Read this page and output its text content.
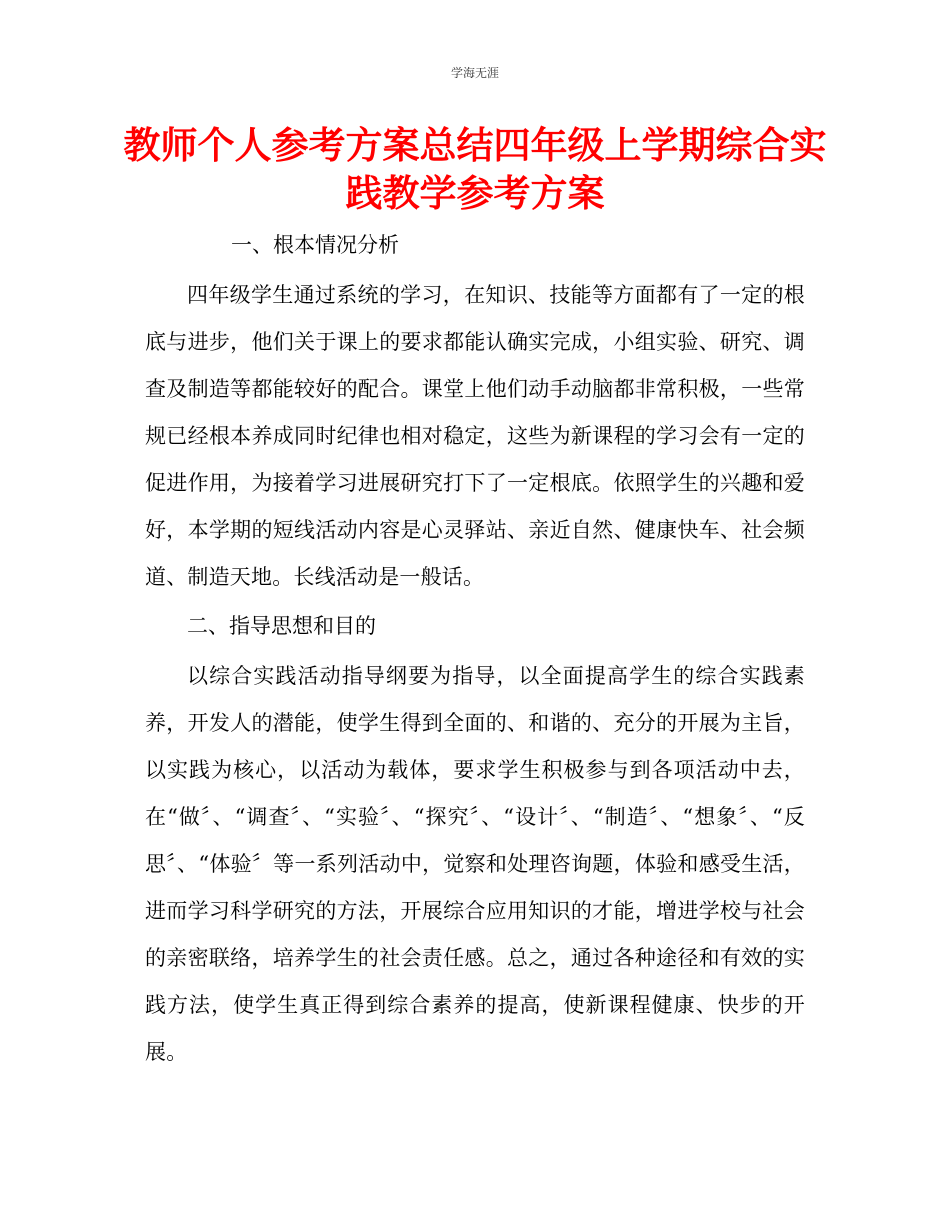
学海无涯
教师个人参考方案总结四年级上学期综合实践教学参考方案

一、根本情况分析

四年级学生通过系统的学习，在知识、技能等方面都有了一定的根底与进步，他们关于课上的要求都能认确实完成，小组实验、研究、调查及制造等都能较好的配合。课堂上他们动手动脑都非常积极，一些常规已经根本养成同时纪律也相对稳定，这些为新课程的学习会有一定的促进作用，为接着学习进展研究打下了一定根底。依照学生的兴趣和爱好，本学期的短线活动内容是心灵驿站、亲近自然、健康快车、社会频道、制造天地。长线活动是一般话。

二、指导思想和目的

以综合实践活动指导纲要为指导，以全面提高学生的综合实践素养，开发人的潜能，使学生得到全面的、和谐的、充分的开展为主旨，以实践为核心，以活动为载体，要求学生积极参与到各项活动中去，在“做〞、“调查〞、“实验〞、“探究〞、“设计〞、“制造〞、“想象〞、“反思〞、“体验〞等一系列活动中，觉察和处理咨询题，体验和感受生活，进而学习科学研究的方法，开展综合应用知识的才能，增进学校与社会的亲密联络，培养学生的社会责任感。总之，通过各种途径和有效的实践方法，使学生真正得到综合素养的提高，使新课程健康、快步的开展。
